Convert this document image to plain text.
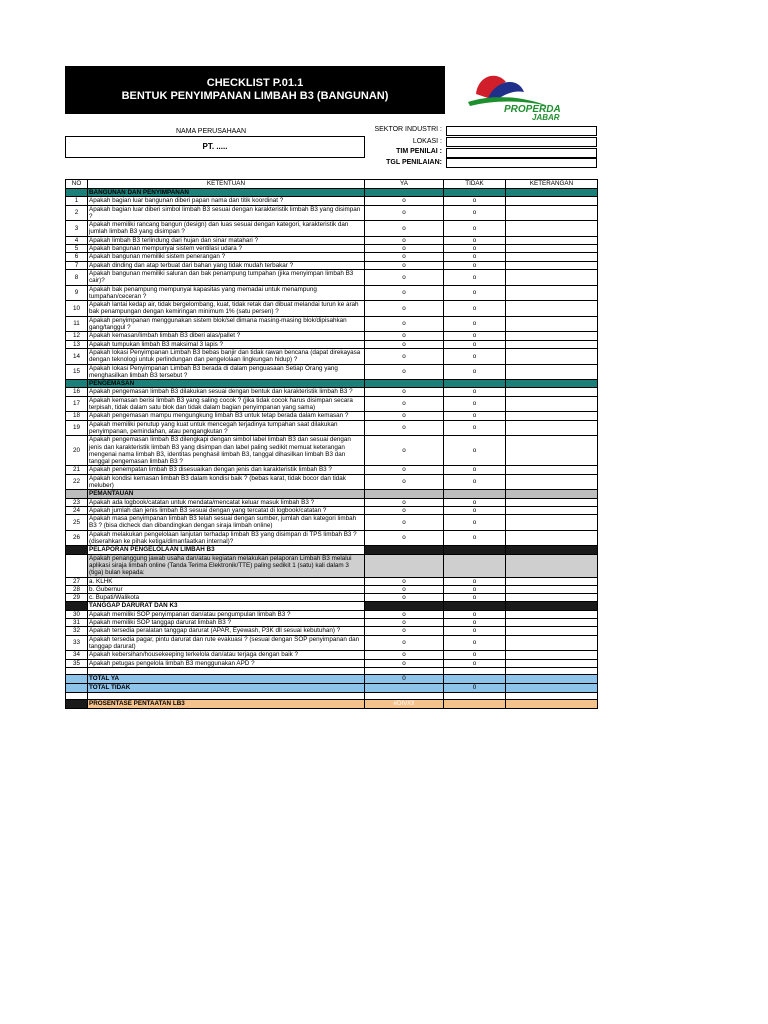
CHECKLIST P.01.1
BENTUK PENYIMPANAN LIMBAH B3 (BANGUNAN)
PROPERDA
JABAR
NAMA PERUSAHAAN
PT. .....
SEKTOR INDUSTRI :
LOKASI :
TIM PENILAI :
TGL PENILAIAN:
NO	KETENTUAN	YA	TIDAK	KETERANGAN
	BANGUNAN DAN PENYIMPANAN			
1	Apakah bagian luar bangunan diberi papan nama dan titik koordinat ?	o	o	
2	Apakah bagian luar diberi simbol limbah B3 sesuai dengan karakteristik limbah B3 yang disimpan ?	o	o	
3	Apakah memiliki rancang bangun (design) dan luas sesuai dengan kategori, karakteristik dan jumlah limbah B3 yang disimpan ?	o	o	
4	Apakah limbah B3 terlindung dari hujan dan sinar matahari ?	o	o	
5	Apakah bangunan mempunyai sistem ventilasi udara ?	o	o	
6	Apakah bangunan memiliki sistem penerangan ?	o	o	
7	Apakah dinding dan atap terbuat dari bahan yang tidak mudah terbakar ?	o	o	
8	Apakah bangunan memiliki saluran dan bak penampung tumpahan (jika menyimpan limbah B3 cair)?	o	o	
9	Apakah bak penampung mempunyai kapasitas yang memadai untuk menampung tumpahan/ceceran ?	o	o	
10	Apakah lantai kedap air, tidak bergelombang, kuat, tidak retak dan dibuat melandai turun ke arah bak penampungan dengan kemiringan minimum 1% (satu persen) ?	o	o	
11	Apakah penyimpanan menggunakan sistem blok/sel dimana masing-masing blok/dipisahkan gang/tanggul ?	o	o	
12	Apakah kemasan/limbah limbah B3 diberi alas/pallet ?	o	o	
13	Apakah tumpukan limbah B3 maksimal 3 lapis ?	o	o	
14	Apakah lokasi Penyimpanan Limbah B3 bebas banjir dan tidak rawan bencana (dapat direkayasa dengan teknologi untuk perlindungan dan pengelolaan lingkungan hidup) ?	o	o	
15	Apakah lokasi Penyimpanan Limbah B3 berada di dalam penguasaan Setiap Orang yang menghasilkan limbah B3 tersebut ?	o	o	
	PENGEMASAN			
16	Apakah pengemasan limbah B3 dilakukan sesuai dengan bentuk dan karakteristik limbah B3 ?	o	o	
17	Apakah kemasan berisi limbah B3 yang saling cocok ? (jika tidak cocok harus disimpan secara terpisah, tidak dalam satu blok dan tidak dalam bagian penyimpanan yang sama)	o	o	
18	Apakah pengemasan mampu mengungkung limbah B3 untuk tetap berada dalam kemasan ?	o	o	
19	Apakah memiliki penutup yang kuat untuk mencegah terjadinya tumpahan saat dilakukan penyimpanan, pemindahan, atau pengangkutan ?	o	o	
20	Apakah pengemasan limbah B3 dilengkapi dengan simbol label limbah B3 dan sesuai dengan jenis dan karakteristik limbah B3 yang disimpan dan label paling sedikit memuat keterangan mengenai nama limbah B3, identitas penghasil limbah B3, tanggal dihasilkan limbah B3 dan tanggal pengemasan limbah B3 ?	o	o	
21	Apakah penempatan limbah B3 disesuaikan dengan jenis dan karakteristik limbah B3 ?	o	o	
22	Apakah kondisi kemasan limbah B3 dalam kondisi baik ? (bebas karat, tidak bocor dan tidak meluber)	o	o	
	PEMANTAUAN			
23	Apakah ada logbook/catatan untuk mendata/mencatat keluar masuk limbah B3 ?	o	o	
24	Apakah jumlah dan jenis limbah B3 sesuai dengan yang tercatat di logbook/catatan ?	o	o	
25	Apakah masa penyimpanan limbah B3 telah sesuai dengan sumber, jumlah dan kategori limbah B3 ? (bisa dicheck dan dibandingkan dengan siraja limbah online)	o	o	
26	Apakah melakukan pengelolaan lanjutan terhadap limbah B3 yang disimpan di TPS limbah B3 ? (diserahkan ke pihak ketiga/dimanfaatkan internal)?	o	o	
	PELAPORAN PENGELOLAAN LIMBAH B3			
	Apakah penanggung jawab usaha dan/atau kegiatan melakukan pelaporan Limbah B3 melalui aplikasi siraja limbah online (Tanda Terima Elektronik/TTE) paling sedikit 1 (satu) kali dalam 3 (tiga) bulan kepada:			
27	a. KLHK	o	o	
28	b. Gubernur	o	o	
29	c. Bupati/Walikota	o	o	
	TANGGAP DARURAT DAN K3			
30	Apakah memiliki SOP penyimpanan dan/atau pengumpulan limbah B3 ?	o	o	
31	Apakah memiliki SOP tanggap darurat limbah B3 ?	o	o	
32	Apakah tersedia peralatan tanggap darurat (APAR, Eyewash, P3K dll sesuai kebutuhan) ?	o	o	
33	Apakah tersedia pagar, pintu darurat dan rute evakuasi ? (sesuai dengan SOP penyimpanan dan tanggap darurat)	o	o	
34	Apakah kebersihan/housekeeping terkelola dan/atau terjaga dengan baik ?	o	o	
35	Apakah petugas pengelola limbah B3 menggunakan APD ?	o	o	

	TOTAL YA	0		
	TOTAL TIDAK		0	

	PROSENTASE PENTAATAN LB3	#DIV/0!		
